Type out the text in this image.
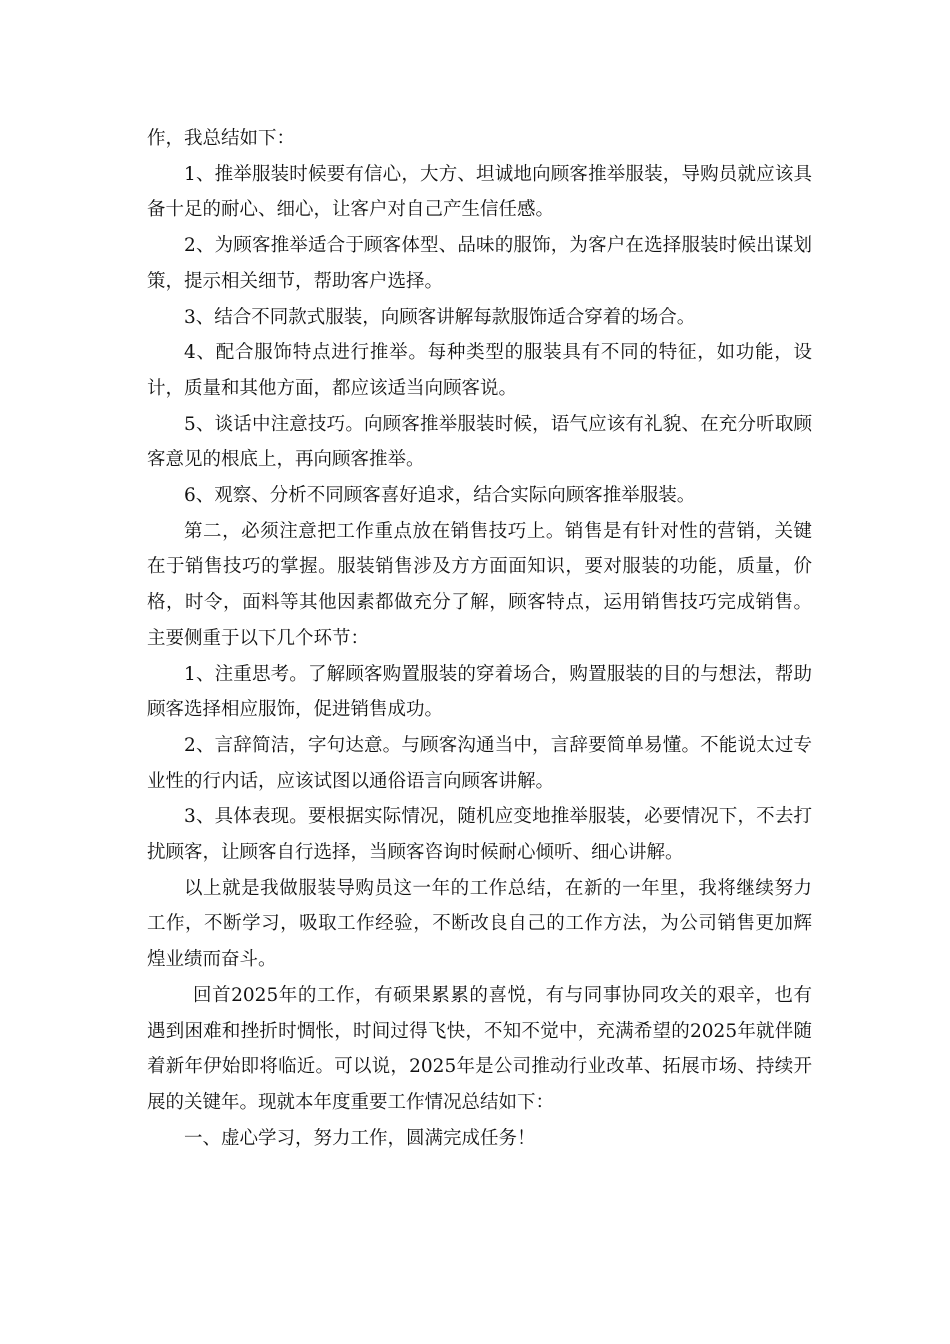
作，我总结如下：

1、推举服装时候要有信心，大方、坦诚地向顾客推举服装，导购员就应该具备十足的耐心、细心，让客户对自己产生信任感。

2、为顾客推举适合于顾客体型、品味的服饰，为客户在选择服装时候出谋划策，提示相关细节，帮助客户选择。

3、结合不同款式服装，向顾客讲解每款服饰适合穿着的场合。

4、配合服饰特点进行推举。每种类型的服装具有不同的特征，如功能，设计，质量和其他方面，都应该适当向顾客说。

5、谈话中注意技巧。向顾客推举服装时候，语气应该有礼貌、在充分听取顾客意见的根底上，再向顾客推举。

6、观察、分析不同顾客喜好追求，结合实际向顾客推举服装。

第二，必须注意把工作重点放在销售技巧上。销售是有针对性的营销，关键在于销售技巧的掌握。服装销售涉及方方面面知识，要对服装的功能，质量，价格，时令，面料等其他因素都做充分了解，顾客特点，运用销售技巧完成销售。主要侧重于以下几个环节：

1、注重思考。了解顾客购置服装的穿着场合，购置服装的目的与想法，帮助顾客选择相应服饰，促进销售成功。

2、言辞简洁，字句达意。与顾客沟通当中，言辞要简单易懂。不能说太过专业性的行内话，应该试图以通俗语言向顾客讲解。

3、具体表现。要根据实际情况，随机应变地推举服装，必要情况下，不去打扰顾客，让顾客自行选择，当顾客咨询时候耐心倾听、细心讲解。

以上就是我做服装导购员这一年的工作总结，在新的一年里，我将继续努力工作，不断学习，吸取工作经验，不断改良自己的工作方法，为公司销售更加辉煌业绩而奋斗。

回首2025年的工作，有硕果累累的喜悦，有与同事协同攻关的艰辛，也有遇到困难和挫折时惆怅，时间过得飞快，不知不觉中，充满希望的2025年就伴随着新年伊始即将临近。可以说，2025年是公司推动行业改革、拓展市场、持续开展的关键年。现就本年度重要工作情况总结如下：

一、虚心学习，努力工作，圆满完成任务！
